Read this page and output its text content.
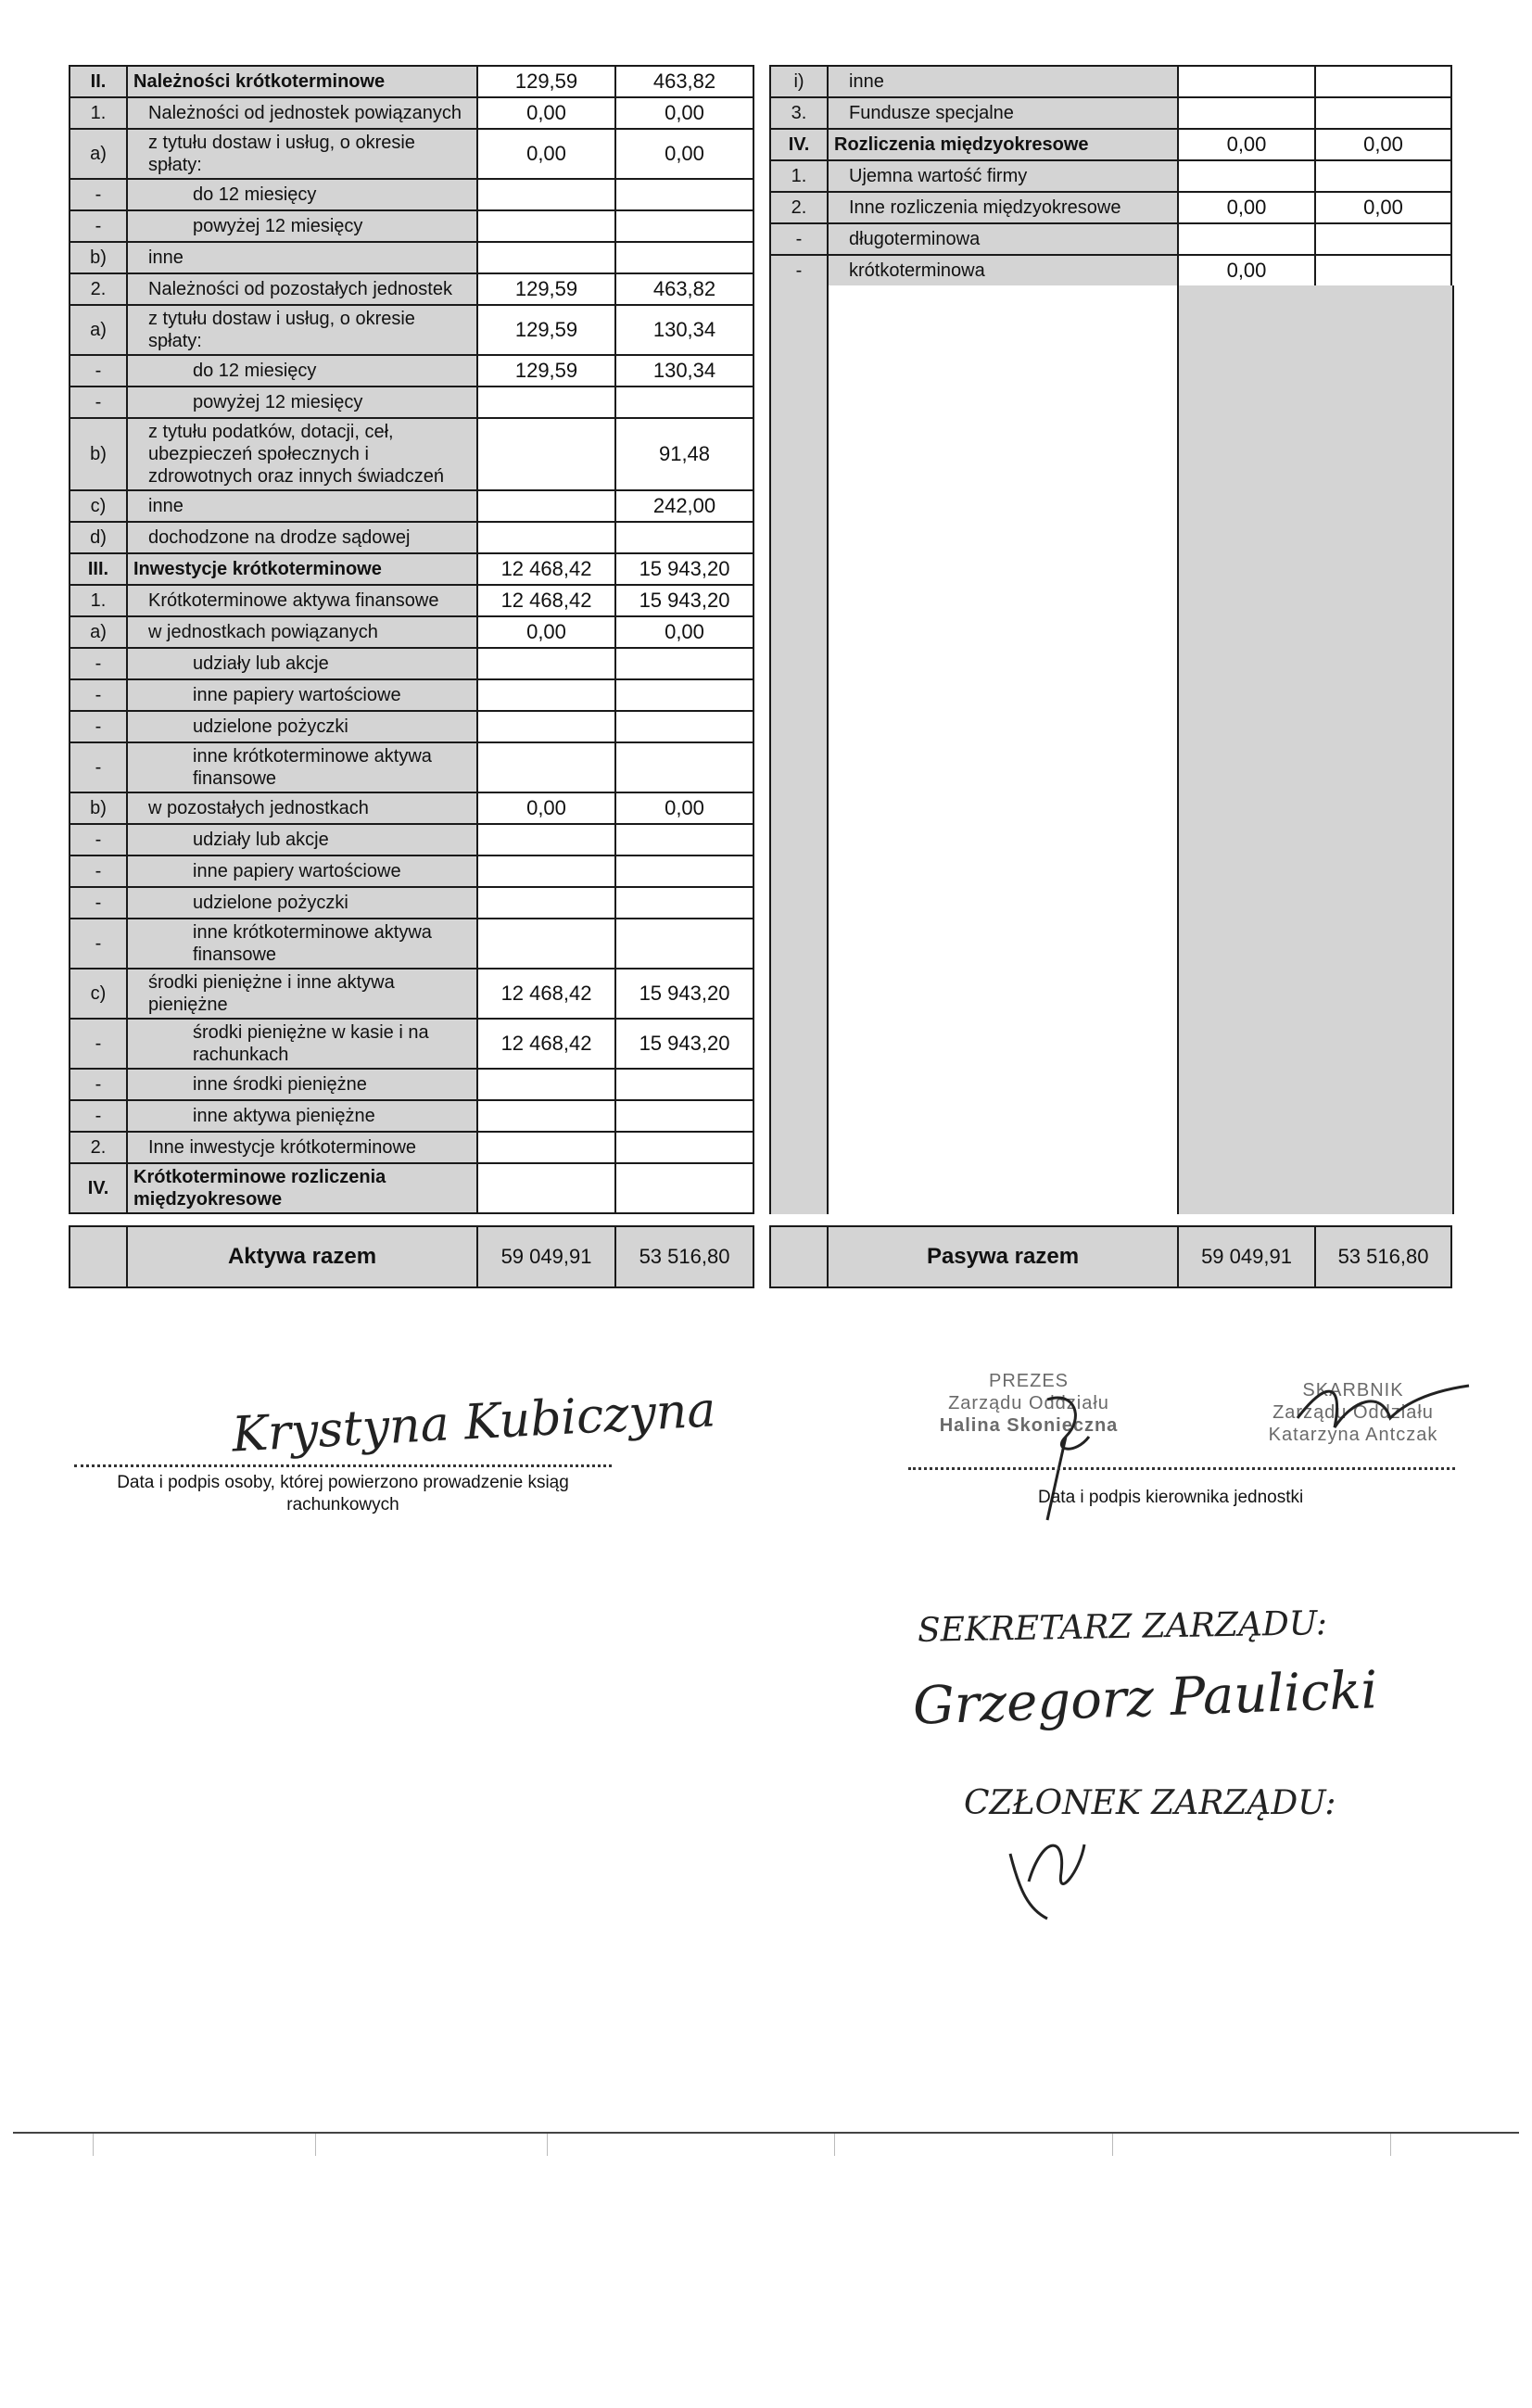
II.	Należności krótkoterminowe	129,59	463,82
1.	Należności od jednostek powiązanych	0,00	0,00
a)	z tytułu dostaw i usług, o okresie spłaty:	0,00	0,00
-	do 12 miesięcy		
-	powyżej 12 miesięcy		
b)	inne		
2.	Należności od pozostałych jednostek	129,59	463,82
a)	z tytułu dostaw i usług, o okresie spłaty:	129,59	130,34
-	do 12 miesięcy	129,59	130,34
-	powyżej 12 miesięcy		
b)	z tytułu podatków, dotacji, ceł, ubezpieczeń społecznych i zdrowotnych oraz innych świadczeń		91,48
c)	inne		242,00
d)	dochodzone na drodze sądowej		
III.	Inwestycje krótkoterminowe	12 468,42	15 943,20
1.	Krótkoterminowe aktywa finansowe	12 468,42	15 943,20
a)	w jednostkach powiązanych	0,00	0,00
-	udziały lub akcje		
-	inne papiery wartościowe		
-	udzielone pożyczki		
-	inne krótkoterminowe aktywa finansowe		
b)	w pozostałych jednostkach	0,00	0,00
-	udziały lub akcje		
-	inne papiery wartościowe		
-	udzielone pożyczki		
-	inne krótkoterminowe aktywa finansowe		
c)	środki pieniężne i inne aktywa pieniężne	12 468,42	15 943,20
-	środki pieniężne w kasie i na rachunkach	12 468,42	15 943,20
-	inne środki pieniężne		
-	inne aktywa pieniężne		
2.	Inne inwestycje krótkoterminowe		
IV.	Krótkoterminowe rozliczenia międzyokresowe		
i)	inne		
3.	Fundusze specjalne		
IV.	Rozliczenia międzyokresowe	0,00	0,00
1.	Ujemna wartość firmy		
2.	Inne rozliczenia międzyokresowe	0,00	0,00
-	długoterminowa		
-	krótkoterminowa	0,00	
	Aktywa razem	59 049,91	53 516,80
		Pasywa razem	59 049,91	53 516,80
Krystyna Kubiczyna
Data i podpis osoby, której powierzono prowadzenie ksiąg rachunkowych
PREZES
Zarządu Oddziału
Halina Skonieczna
SKARBNIK
Zarządu Oddziału
Katarzyna Antczak
Data i podpis kierownika jednostki
SEKRETARZ ZARZĄDU:
Grzegorz Paulicki
CZŁONEK ZARZĄDU:
